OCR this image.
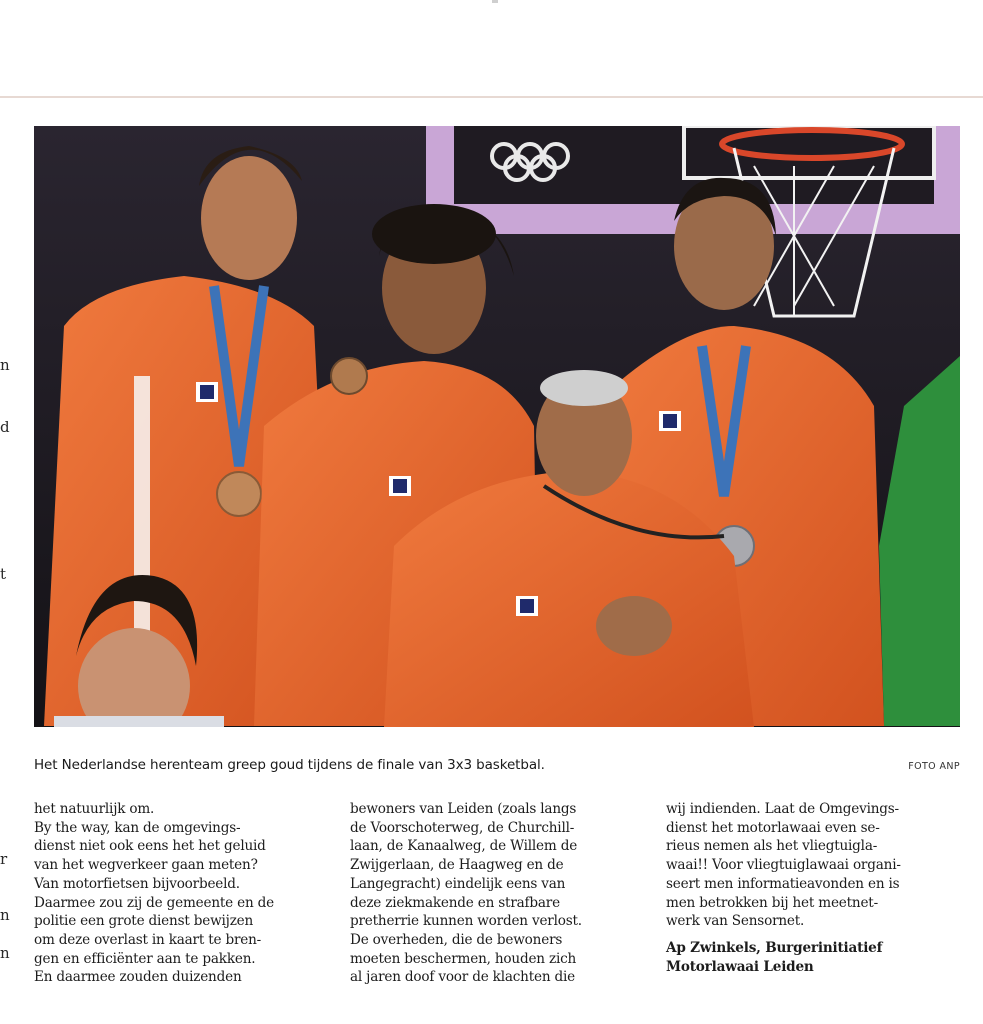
n
d
t
Het Nederlandse herenteam greep goud tijdens de finale van 3x3 basketbal.	FOTO ANP
het natuurlijk om.
By the way, kan de omgevings-
dienst niet ook eens het het geluid
van het wegverkeer gaan meten?
Van motorfietsen bijvoorbeeld.
Daarmee zou zij de gemeente en de
politie een grote dienst bewijzen
om deze overlast in kaart te bren-
gen en efficiënter aan te pakken.
En daarmee zouden duizenden
bewoners van Leiden (zoals langs
de Voorschoterweg, de Churchill-
laan, de Kanaalweg, de Willem de
Zwijgerlaan, de Haagweg en de
Langegracht) eindelijk eens van
deze ziekmakende en strafbare
pretherrie kunnen worden verlost.
De overheden, die de bewoners
moeten beschermen, houden zich
al jaren doof voor de klachten die
wij indienden. Laat de Omgevings-
dienst het motorlawaai even se-
rieus nemen als het vliegtuigla-
waai!! Voor vliegtuiglawaai organi-
seert men informatieavonden en is
men betrokken bij het meetnet-
werk van Sensornet.
Ap Zwinkels, Burgerinitiatief
Motorlawaai Leiden
r
n
n
